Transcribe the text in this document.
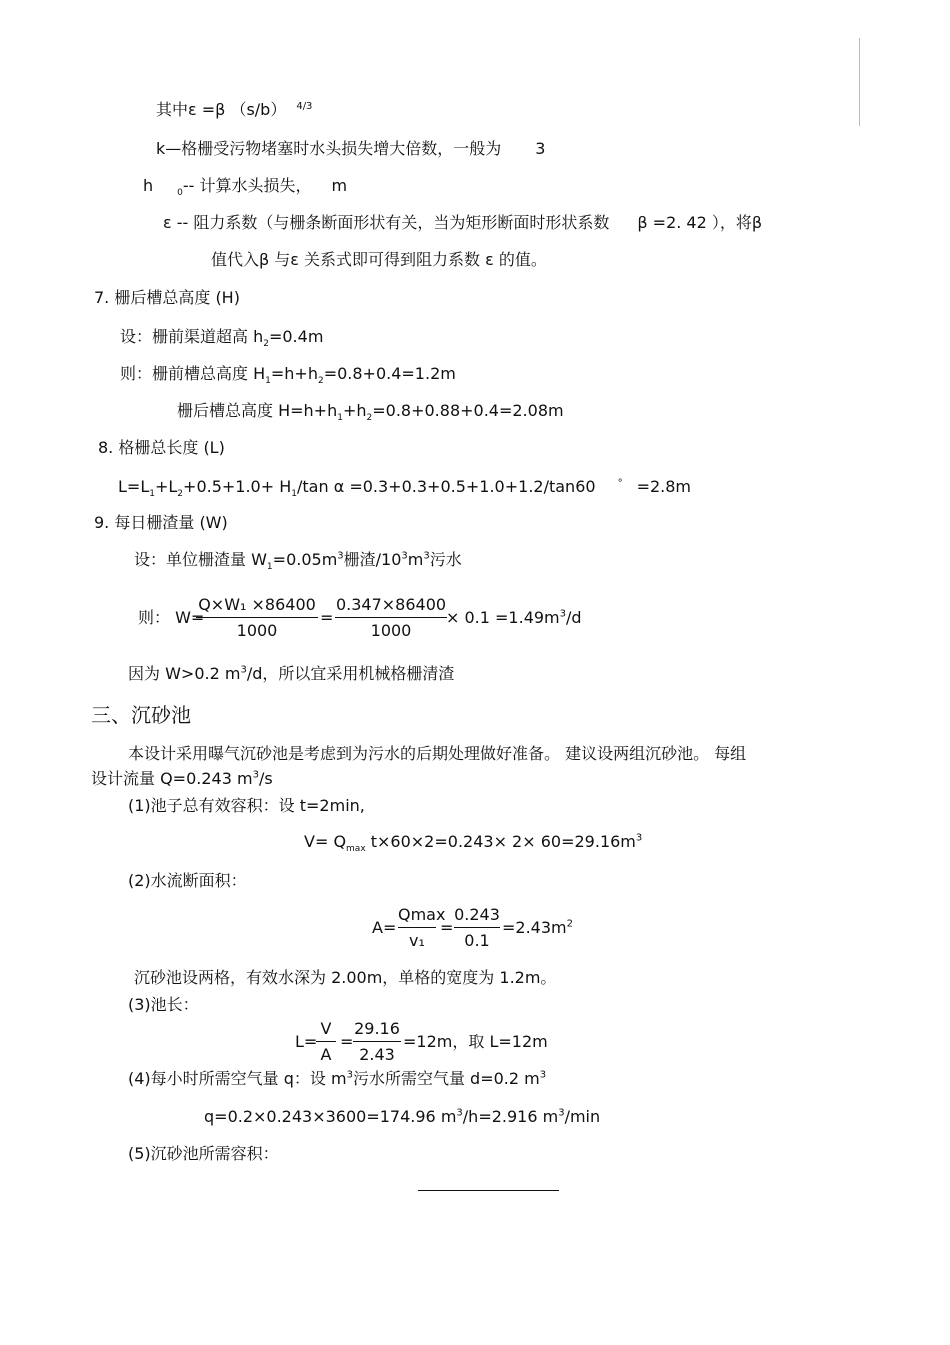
其中ε =β （s/b） $^{4/3}$
k—格栅受污物堵塞时水头损失增大倍数，一般为 3
h	$_0$-- 计算水头损失， m
ε -- 阻力系数（与栅条断面形状有关，当为矩形断面时形状系数 β =2. 42 ），将β
值代入β 与ε 关系式即可得到阻力系数 ε 的值。
7. 栅后槽总高度 (H)
设：栅前渠道超高 $h_2=0.4m$
则：栅前槽总高度 $H_1=h+h_2=0.8+0.4=1.2m$
栅后槽总高度 $H=h+h_1+h_2=0.8+0.88+0.4=2.08m$
8. 格栅总长度 (L)
$L=L_1+L_2+0.5+1.0+ H_1/\tan$ α =0.3+0.3+0.5+1.0+1.2/tan60 ° =2.8m
9. 每日栅渣量 (W)
设：单位栅渣量 $W_1=0.05m^3$栅渣$/10^3m^3$污水
则： W=
Q×W₁ ×86400
1000
=
0.347×86400
1000
× $0.1 =1.49m^3/d$
因为 W>0.2 $m^3/d$，所以宜采用机械格栅清渣
三、沉砂池
本设计采用曝气沉砂池是考虑到为污水的后期处理做好准备。 建议设两组沉砂池。 每组
设计流量 Q=0.243 $m^3/s$
(1)池子总有效容积：设 t=2min,
$V= Q_{max}$ $t\times 60\times 2=0.243\times 2\times 60=29.16m^3$
(2)水流断面积：
A=
Qmax
v₁
=
0.243
0.1
$=2.43m^2$
沉砂池设两格，有效水深为 2.00m，单格的宽度为 1.2m。
(3)池长：
L=
V
A
=
29.16
2.43
=12m，取 L=12m
(4)每小时所需空气量 q：设 $m^3$污水所需空气量 d=0.2 $m^3$
q=0.2×0.243×3600=174.96 $m^3/h=2.916$ $m^3/\min$
(5)沉砂池所需容积：
